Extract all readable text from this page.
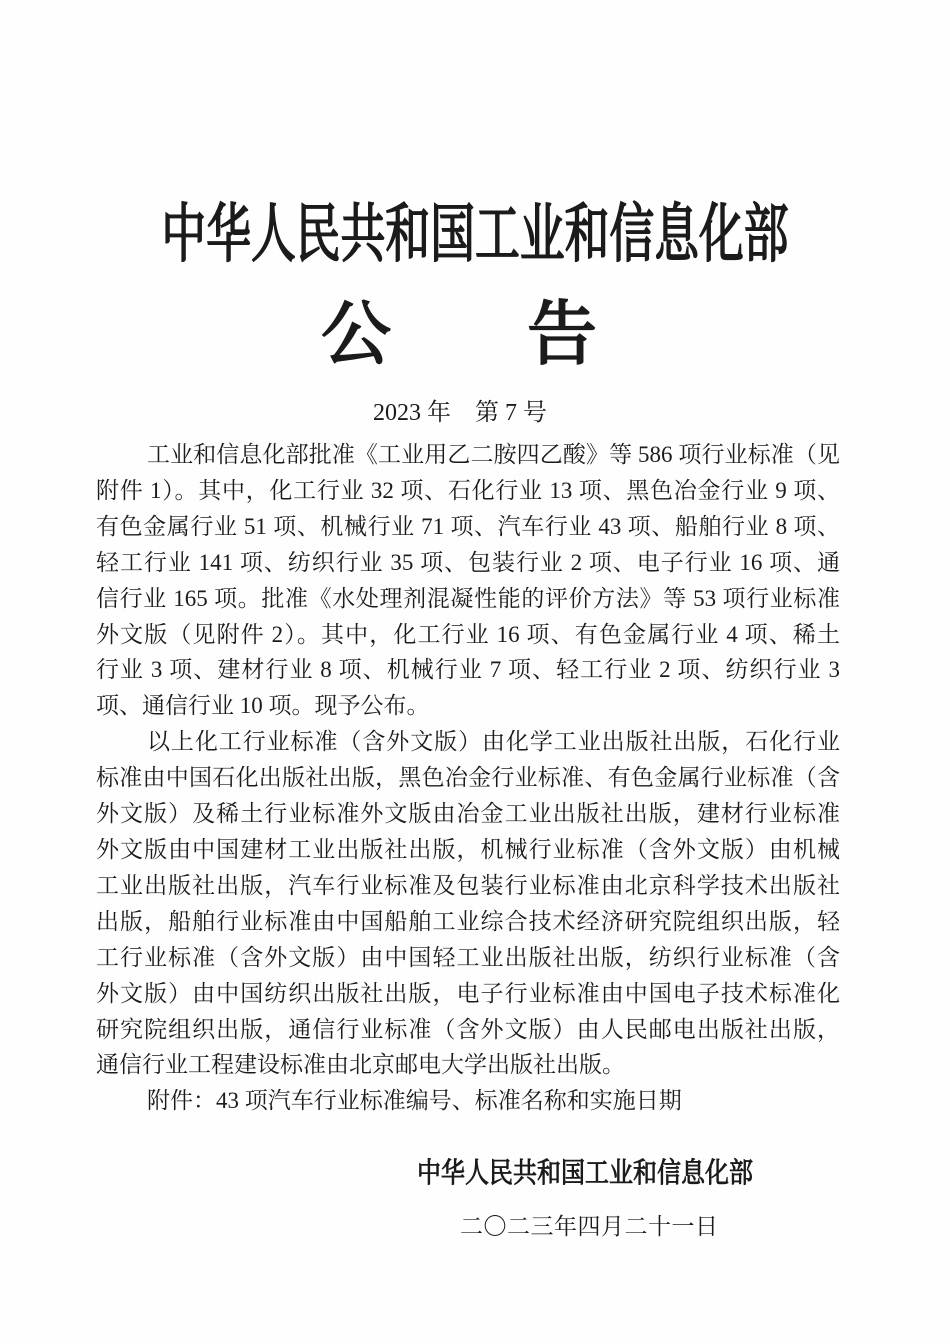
中华人民共和国工业和信息化部
公 告
2023 年　第 7 号
工业和信息化部批准《工业用乙二胺四乙酸》等 586 项行业标准（见
附件 1）。其中，化工行业 32 项、石化行业 13 项、黑色冶金行业 9 项、
有色金属行业 51 项、机械行业 71 项、汽车行业 43 项、船舶行业 8 项、
轻工行业 141 项、纺织行业 35 项、包装行业 2 项、电子行业 16 项、通
信行业 165 项。批准《水处理剂混凝性能的评价方法》等 53 项行业标准
外文版（见附件 2）。其中，化工行业 16 项、有色金属行业 4 项、稀土
行业 3 项、建材行业 8 项、机械行业 7 项、轻工行业 2 项、纺织行业 3
项、通信行业 10 项。现予公布。
以上化工行业标准（含外文版）由化学工业出版社出版，石化行业
标准由中国石化出版社出版，黑色冶金行业标准、有色金属行业标准（含
外文版）及稀土行业标准外文版由冶金工业出版社出版，建材行业标准
外文版由中国建材工业出版社出版，机械行业标准（含外文版）由机械
工业出版社出版，汽车行业标准及包装行业标准由北京科学技术出版社
出版，船舶行业标准由中国船舶工业综合技术经济研究院组织出版，轻
工行业标准（含外文版）由中国轻工业出版社出版，纺织行业标准（含
外文版）由中国纺织出版社出版，电子行业标准由中国电子技术标准化
研究院组织出版，通信行业标准（含外文版）由人民邮电出版社出版，
通信行业工程建设标准由北京邮电大学出版社出版。
附件：43 项汽车行业标准编号、标准名称和实施日期
中华人民共和国工业和信息化部
二〇二三年四月二十一日
